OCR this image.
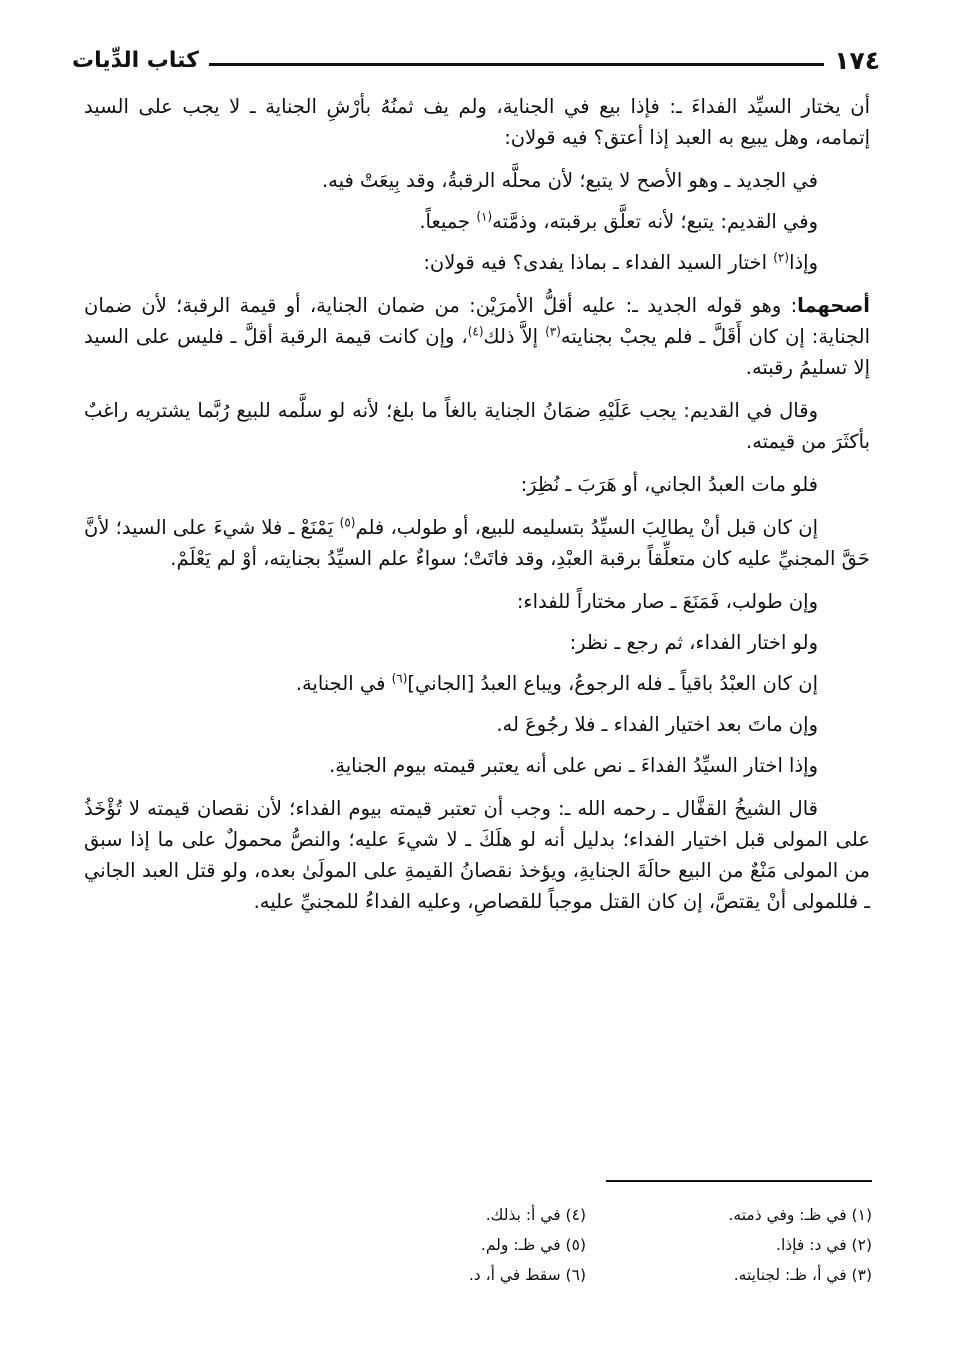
١٧٤
كتاب الدِّيات

أن يختار السيِّد الفداءَ ـ: فإذا بيع في الجناية، ولم يف ثمنُهُ بأرْشِ الجناية ـ لا يجب على السيد إتمامه، وهل يبيع به العبد إذا أعتق؟ فيه قولان:

في الجديد ـ وهو الأصح لا يتبع؛ لأن محلَّه الرقبةُ، وقد بِيعَتْ فيه.

وفي القديم: يتبع؛ لأنه تعلَّق برقبته، وذمَّته$^{(١)}$ جميعاً.

وإذا$^{(٢)}$ اختار السيد الفداء ـ بماذا يفدى؟ فيه قولان:

أصحهما: وهو قوله الجديد ـ: عليه أقلُّ الأمرَيْن: من ضمان الجناية، أو قيمة الرقبة؛ لأن ضمان الجناية: إن كان أَقَلَّ ـ فلم يجبْ بجنايته$^{(٣)}$ إلاَّ ذلك$^{(٤)}$، وإن كانت قيمة الرقبة أقلَّ ـ فليس على السيد إلا تسليمُ رقبته.

وقال في القديم: يجب عَلَيْهِ ضمَانُ الجناية بالغاً ما بلغ؛ لأنه لو سلَّمه للبيع رُبَّما يشتريه راغبٌ بأكثَرَ من قيمته.

فلو مات العبدُ الجاني، أو هَرَبَ ـ نُظِرَ:

إن كان قبل أنْ يطالِبَ السيِّدُ بتسليمه للبيع، أو طولب، فلم$^{(٥)}$ يَمْنَعْ ـ فلا شيءَ على السيد؛ لأنَّ حَقَّ المجنيِّ عليه كان متعلِّقاً برقبة العبْدِ، وقد فاتَتْ؛ سواءٌ علم السيِّدُ بجنايته، أوْ لم يَعْلَمْ.

وإن طولب، فَمَنَعَ ـ صار مختاراً للفداء:

ولو اختار الفداء، ثم رجع ـ نظر:

إن كان العبْدُ باقياً ـ فله الرجوعُ، ويباع العبدُ [الجاني]$^{(٦)}$ في الجناية.

وإن ماتَ بعد اختيار الفداء ـ فلا رجُوعَ له.

وإذا اختار السيِّدُ الفداءَ ـ نص على أنه يعتبر قيمته بيوم الجنايةِ.

قال الشيخُ القفَّال ـ رحمه الله ـ: وجب أن تعتبر قيمته بيوم الفداء؛ لأن نقصان قيمته لا تُؤْخَذُ على المولى قبل اختيار الفداء؛ بدليل أنه لو هلَكَ ـ لا شيءَ عليه؛ والنصُّ محمولٌ على ما إذا سبق من المولى مَنْعٌ من البيع حالَةَ الجنايةِ، ويؤخذ نقصانُ القيمةِ على المولَىٰ بعده، ولو قتل العبد الجاني ـ فللمولى أنْ يقتصَّ، إن كان القتل موجباً للقصاصِ، وعليه الفداءُ للمجنيِّ عليه.

(١) في ظـ: وفي ذمته.
(٢) في د: فإذا.
(٣) في أ، ظـ: لجنايته.
(٤) في أ: بذلك.
(٥) في ظـ: ولم.
(٦) سقط في أ، د.
